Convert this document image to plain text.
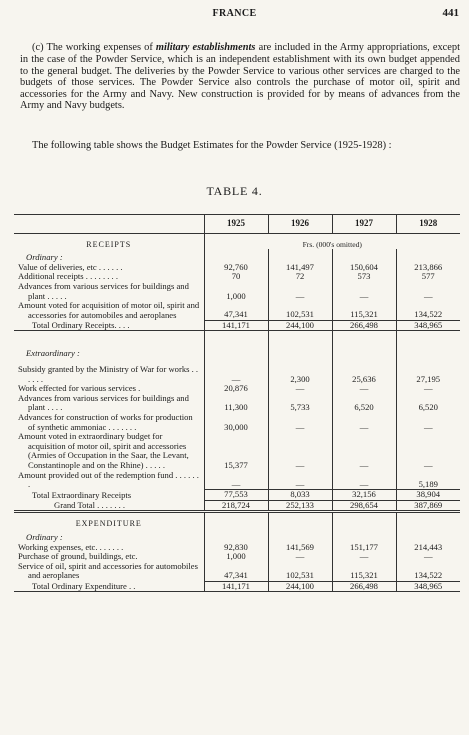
FRANCE	441

(c) The working expenses of military establishments are included in the Army appropriations, except in the case of the Powder Service, which is an independent establishment with its own budget appended to the general budget. The deliveries by the Powder Service to various other services are charged to the budgets of those services. The Powder Service also controls the purchase of motor oil, spirit and accessories for the Army and Navy. New construction is provided for by means of advances from the Army and Navy budgets.

The following table shows the Budget Estimates for the Powder Service (1925-1928) :

TABLE 4.
	1925	1926	1927	1928
RECEIPTS	Frs. (000's omitted)			
Ordinary :				
Value of deliveries, etc . . . . . .	92,760	141,497	150,604	213,866
Additional receipts . . . . . . . .	70	72	573	577
Advances from various services for buildings and plant . . . . .	1,000	—	—	—
Amount voted for acquisition of motor oil, spirit and accessories for automobiles and aeroplanes	47,341	102,531	115,321	134,522
Total Ordinary Receipts. . . .	141,171	244,100	266,498	348,965

Extraordinary :				

Subsidy granted by the Ministry of War for works . . . . . .	—	2,300	25,636	27,195
Work effected for various services .	20,876	—	—	—
Advances from various services for buildings and plant . . . .	11,300	5,733	6,520	6,520
Advances for construction of works for production of synthetic ammoniac . . . . . . .	30,000	—	—	—
Amount voted in extraordinary budget for acquisition of motor oil, spirit and accessories (Armies of Occupation in the Saar, the Levant, Constantinople and on the Rhine) . . . . .	15,377	—	—	—
Amount provided out of the redemption fund . . . . . . .	—	—	—	5,189
Total Extraordinary Receipts	77,553	8,033	32,156	38,904
Grand Total . . . . . . .	218,724	252,133	298,654	387,869
EXPENDITURE				
Ordinary :				
Working expenses, etc. . . . . . .	92,830	141,569	151,177	214,443
Purchase of ground, buildings, etc.	1,000	—	—	—
Service of oil, spirit and accessories for automobiles and aeroplanes	47,341	102,531	115,321	134,522
Total Ordinary Expenditure . .	141,171	244,100	266,498	348,965
